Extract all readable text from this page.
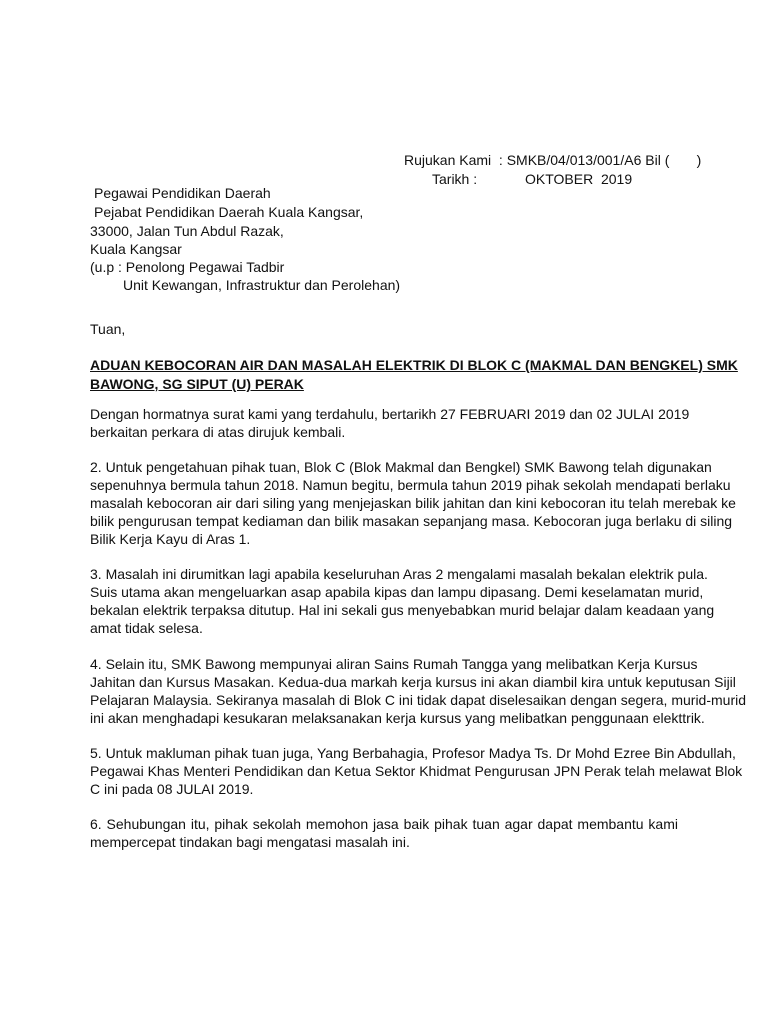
Rujukan Kami  : SMKB/04/013/001/A6 Bil (       )
Tarikh :	OKTOBER  2019
Pegawai Pendidikan Daerah
Pejabat Pendidikan Daerah Kuala Kangsar,
33000, Jalan Tun Abdul Razak,
Kuala Kangsar
(u.p : Penolong Pegawai Tadbir
Unit Kewangan, Infrastruktur dan Perolehan)
Tuan,

ADUAN KEBOCORAN AIR DAN MASALAH ELEKTRIK DI BLOK C (MAKMAL DAN BENGKEL) SMK

BAWONG, SG SIPUT (U) PERAK

Dengan hormatnya surat kami yang terdahulu, bertarikh 27 FEBRUARI 2019 dan 02 JULAI 2019

berkaitan perkara di atas dirujuk kembali.

2. Untuk pengetahuan pihak tuan, Blok C (Blok Makmal dan Bengkel) SMK Bawong telah digunakan

sepenuhnya bermula tahun 2018. Namun begitu, bermula tahun 2019 pihak sekolah mendapati berlaku

masalah kebocoran air dari siling yang menjejaskan bilik jahitan dan kini kebocoran itu telah merebak ke

bilik pengurusan tempat kediaman dan bilik masakan sepanjang masa. Kebocoran juga berlaku di siling

Bilik Kerja Kayu di Aras 1.

3. Masalah ini dirumitkan lagi apabila keseluruhan Aras 2 mengalami masalah bekalan elektrik pula.

Suis utama akan mengeluarkan asap apabila kipas dan lampu dipasang. Demi keselamatan murid,

bekalan elektrik terpaksa ditutup. Hal ini sekali gus menyebabkan murid belajar dalam keadaan yang

amat tidak selesa.

4. Selain itu, SMK Bawong mempunyai aliran Sains Rumah Tangga yang melibatkan Kerja Kursus

Jahitan dan Kursus Masakan. Kedua-dua markah kerja kursus ini akan diambil kira untuk keputusan Sijil

Pelajaran Malaysia. Sekiranya masalah di Blok C ini tidak dapat diselesaikan dengan segera, murid-murid

ini akan menghadapi kesukaran melaksanakan kerja kursus yang melibatkan penggunaan elekttrik.

5. Untuk makluman pihak tuan juga, Yang Berbahagia, Profesor Madya Ts. Dr Mohd Ezree Bin Abdullah,

Pegawai Khas Menteri Pendidikan dan Ketua Sektor Khidmat Pengurusan JPN Perak telah melawat Blok

C ini pada 08 JULAI 2019.

6. Sehubungan itu, pihak sekolah memohon jasa baik pihak tuan agar dapat membantu kami

mempercepat tindakan bagi mengatasi masalah ini.
